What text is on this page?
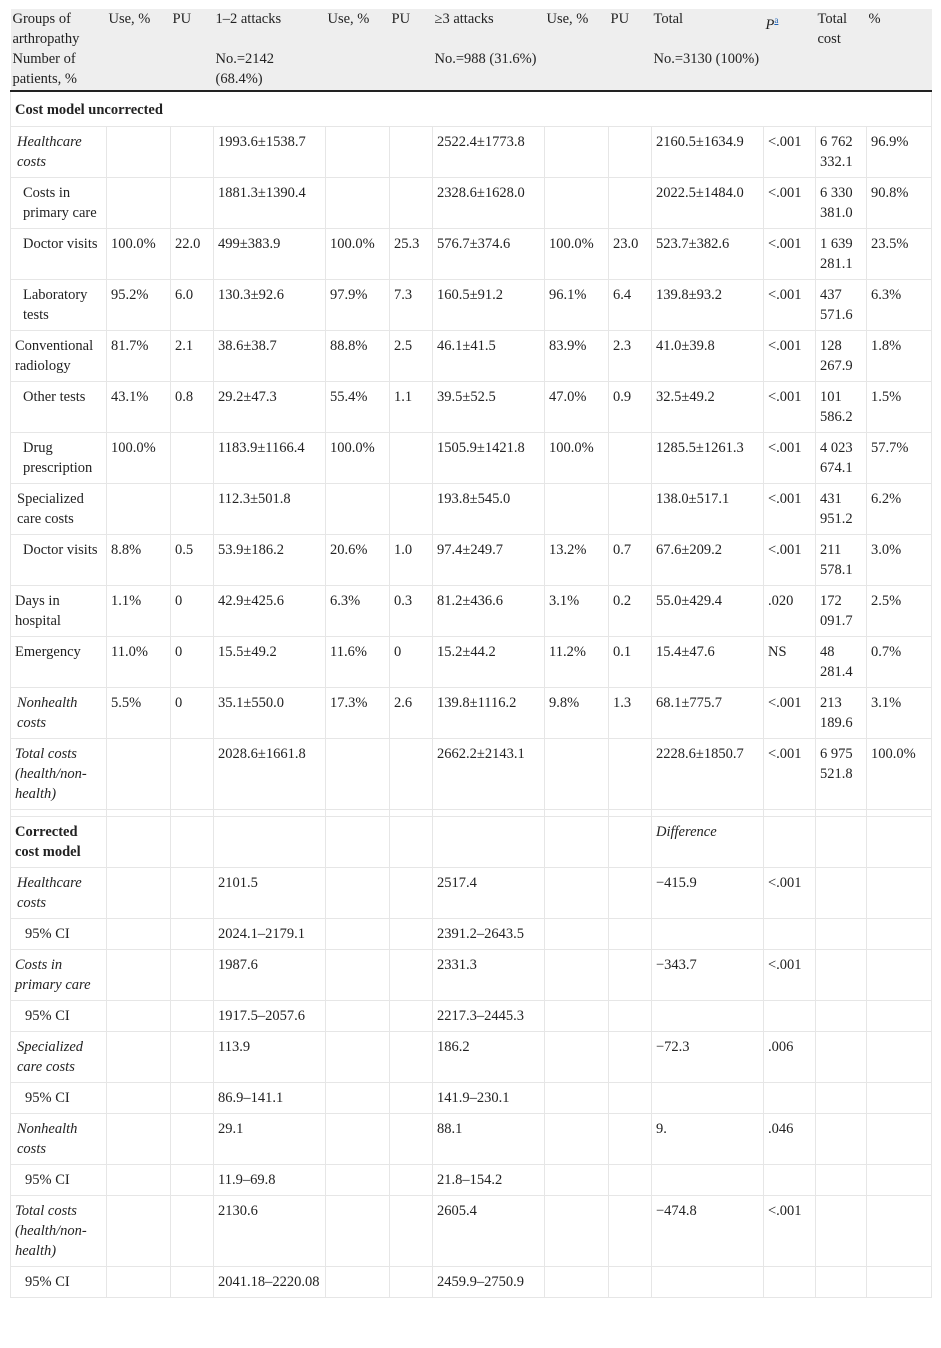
Groups of arthropathy	Use, %	PU	1–2 attacks	Use, %	PU	≥3 attacks	Use, %	PU	Total	P$^a$	Total cost	%
Number of patients, %			No.=2142 (68.4%)			No.=988 (31.6%)			No.=3130 (100%)			
Cost model uncorrected												
Healthcare costs			1993.6±1538.7			2522.4±1773.8			2160.5±1634.9	<.001	6 762 332.1	96.9%
Costs in primary care			1881.3±1390.4			2328.6±1628.0			2022.5±1484.0	<.001	6 330 381.0	90.8%
Doctor visits	100.0%	22.0	499±383.9	100.0%	25.3	576.7±374.6	100.0%	23.0	523.7±382.6	<.001	1 639 281.1	23.5%
Laboratory tests	95.2%	6.0	130.3±92.6	97.9%	7.3	160.5±91.2	96.1%	6.4	139.8±93.2	<.001	437 571.6	6.3%
Conventional radiology	81.7%	2.1	38.6±38.7	88.8%	2.5	46.1±41.5	83.9%	2.3	41.0±39.8	<.001	128 267.9	1.8%
Other tests	43.1%	0.8	29.2±47.3	55.4%	1.1	39.5±52.5	47.0%	0.9	32.5±49.2	<.001	101 586.2	1.5%
Drug prescription	100.0%		1183.9±1166.4	100.0%		1505.9±1421.8	100.0%		1285.5±1261.3	<.001	4 023 674.1	57.7%
Specialized care costs			112.3±501.8			193.8±545.0			138.0±517.1	<.001	431 951.2	6.2%
Doctor visits	8.8%	0.5	53.9±186.2	20.6%	1.0	97.4±249.7	13.2%	0.7	67.6±209.2	<.001	211 578.1	3.0%
Days in hospital	1.1%	0	42.9±425.6	6.3%	0.3	81.2±436.6	3.1%	0.2	55.0±429.4	.020	172 091.7	2.5%
Emergency	11.0%	0	15.5±49.2	11.6%	0	15.2±44.2	11.2%	0.1	15.4±47.6	NS	48 281.4	0.7%
Nonhealth costs	5.5%	0	35.1±550.0	17.3%	2.6	139.8±1116.2	9.8%	1.3	68.1±775.7	<.001	213 189.6	3.1%
Total costs (health/non-health)			2028.6±1661.8			2662.2±2143.1			2228.6±1850.7	<.001	6 975 521.8	100.0%

Corrected cost model									Difference			
Healthcare costs			2101.5			2517.4			−415.9	<.001		
95% CI			2024.1–2179.1			2391.2–2643.5						
Costs in primary care			1987.6			2331.3			−343.7	<.001		
95% CI			1917.5–2057.6			2217.3–2445.3						
Specialized care costs			113.9			186.2			−72.3	.006		
95% CI			86.9–141.1			141.9–230.1						
Nonhealth costs			29.1			88.1			9.	.046		
95% CI			11.9–69.8			21.8–154.2						
Total costs (health/non-health)			2130.6			2605.4			−474.8	<.001		
95% CI			2041.18–2220.08			2459.9–2750.9						
